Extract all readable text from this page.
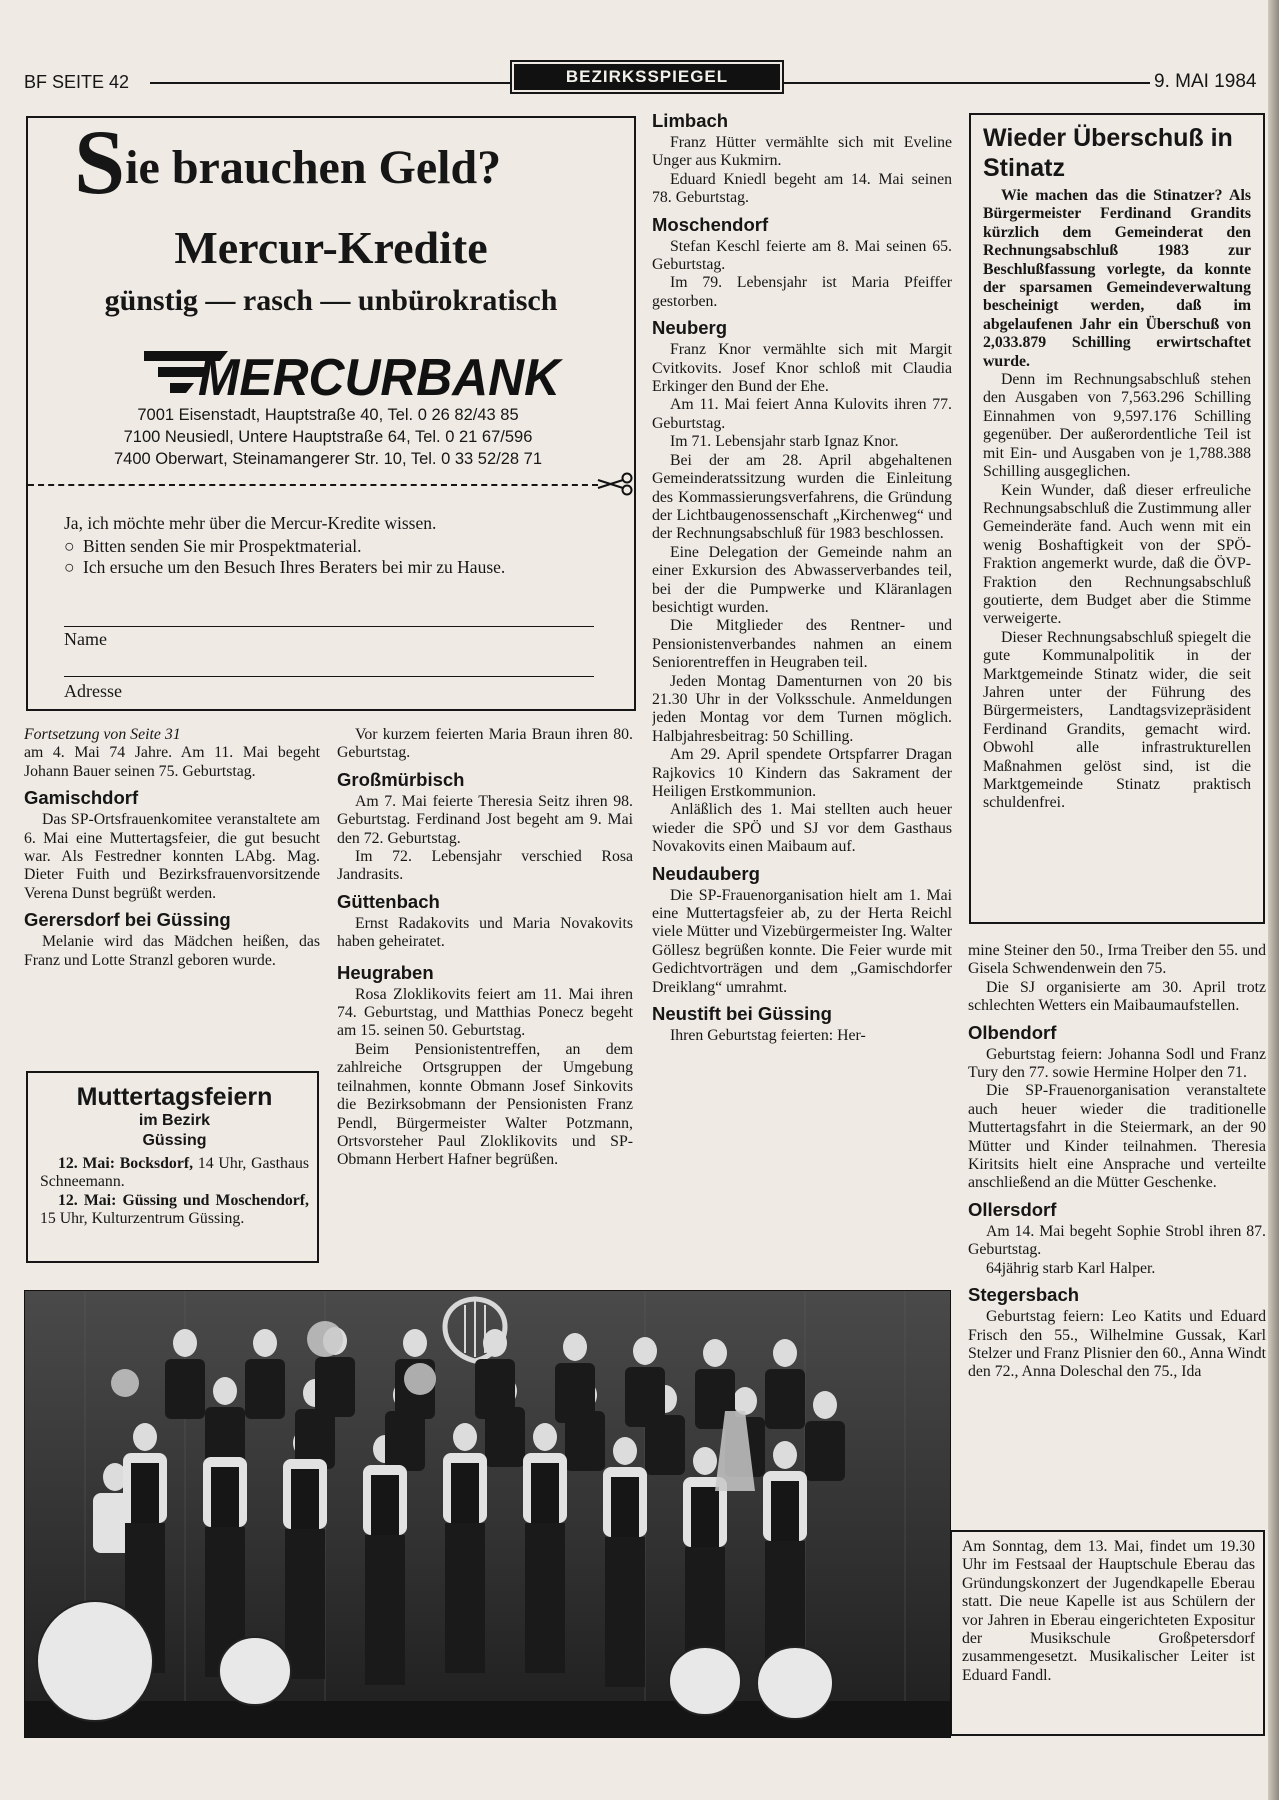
BF SEITE 42	BEZIRKSSPIEGEL	9. MAI 1984
Sie brauchen Geld?
Mercur-Kredite
günstig — rasch — unbürokratisch
MERCURBANK
7001 Eisenstadt, Hauptstraße 40, Tel. 0 26 82/43 85
7100 Neusiedl, Untere Hauptstraße 64, Tel. 0 21 67/596
7400 Oberwart, Steinamangerer Str. 10, Tel. 0 33 52/28 71
Ja, ich möchte mehr über die Mercur-Kredite wissen.
○ Bitten senden Sie mir Prospektmaterial.
○ Ich ersuche um den Besuch Ihres Beraters bei mir zu Hause.
Name
Adresse
Fortsetzung von Seite 31

am 4. Mai 74 Jahre. Am 11. Mai begeht Johann Bauer seinen 75. Geburtstag.

Gamischdorf

Das SP-Ortsfrauenkomitee veranstaltete am 6. Mai eine Muttertagsfeier, die gut besucht war. Als Festredner konnten LAbg. Mag. Dieter Fuith und Bezirksfrauenvorsitzende Verena Dunst begrüßt werden.

Gerersdorf bei Güssing

Melanie wird das Mädchen heißen, das Franz und Lotte Stranzl geboren wurde.

Muttertagsfeiern
im Bezirk
Güssing

12. Mai: Bocksdorf, 14 Uhr, Gasthaus Schneemann.

12. Mai: Güssing und Moschendorf, 15 Uhr, Kulturzentrum Güssing.

Vor kurzem feierten Maria Braun ihren 80. Geburtstag.

Großmürbisch

Am 7. Mai feierte Theresia Seitz ihren 98. Geburtstag. Ferdinand Jost begeht am 9. Mai den 72. Geburtstag.

Im 72. Lebensjahr verschied Rosa Jandrasits.

Güttenbach

Ernst Radakovits und Maria Novakovits haben geheiratet.

Heugraben

Rosa Zloklikovits feiert am 11. Mai ihren 74. Geburtstag, und Matthias Ponecz begeht am 15. seinen 50. Geburtstag.

Beim Pensionistentreffen, an dem zahlreiche Ortsgruppen der Umgebung teilnahmen, konnte Obmann Josef Sinkovits die Bezirksobmann der Pensionisten Franz Pendl, Bürgermeister Walter Potzmann, Ortsvorsteher Paul Zloklikovits und SP-Obmann Herbert Hafner begrüßen.

Limbach

Franz Hütter vermählte sich mit Eveline Unger aus Kukmirn.

Eduard Kniedl begeht am 14. Mai seinen 78. Geburtstag.

Moschendorf

Stefan Keschl feierte am 8. Mai seinen 65. Geburtstag.

Im 79. Lebensjahr ist Maria Pfeiffer gestorben.

Neuberg

Franz Knor vermählte sich mit Margit Cvitkovits. Josef Knor schloß mit Claudia Erkinger den Bund der Ehe.

Am 11. Mai feiert Anna Kulovits ihren 77. Geburtstag.

Im 71. Lebensjahr starb Ignaz Knor.

Bei der am 28. April abgehaltenen Gemeinderatssitzung wurden die Einleitung des Kommassierungsverfahrens, die Gründung der Lichtbaugenossenschaft „Kirchenweg“ und der Rechnungsabschluß für 1983 beschlossen.

Eine Delegation der Gemeinde nahm an einer Exkursion des Abwasserverbandes teil, bei der die Pumpwerke und Kläranlagen besichtigt wurden.

Die Mitglieder des Rentner- und Pensionistenverbandes nahmen an einem Seniorentreffen in Heugraben teil.

Jeden Montag Damenturnen von 20 bis 21.30 Uhr in der Volksschule. Anmeldungen jeden Montag vor dem Turnen möglich. Halbjahresbeitrag: 50 Schilling.

Am 29. April spendete Ortspfarrer Dragan Rajkovics 10 Kindern das Sakrament der Heiligen Erstkommunion.

Anläßlich des 1. Mai stellten auch heuer wieder die SPÖ und SJ vor dem Gasthaus Novakovits einen Maibaum auf.

Neudauberg

Die SP-Frauenorganisation hielt am 1. Mai eine Muttertagsfeier ab, zu der Herta Reichl viele Mütter und Vizebürgermeister Ing. Walter Göllesz begrüßen konnte. Die Feier wurde mit Gedichtvorträgen und dem „Gamischdorfer Dreiklang“ umrahmt.

Neustift bei Güssing

Ihren Geburtstag feierten: Her-

Wieder Überschuß in Stinatz

Wie machen das die Stinatzer? Als Bürgermeister Ferdinand Grandits kürzlich dem Gemeinderat den Rechnungsabschluß 1983 zur Beschlußfassung vorlegte, da konnte der sparsamen Gemeindeverwaltung bescheinigt werden, daß im abgelaufenen Jahr ein Überschuß von 2,033.879 Schilling erwirtschaftet wurde.

Denn im Rechnungsabschluß stehen den Ausgaben von 7,563.296 Schilling Einnahmen von 9,597.176 Schilling gegenüber. Der außerordentliche Teil ist mit Ein- und Ausgaben von je 1,788.388 Schilling ausgeglichen.

Kein Wunder, daß dieser erfreuliche Rechnungsabschluß die Zustimmung aller Gemeinderäte fand. Auch wenn mit ein wenig Boshaftigkeit von der SPÖ-Fraktion angemerkt wurde, daß die ÖVP-Fraktion den Rechnungsabschluß goutierte, dem Budget aber die Stimme verweigerte.

Dieser Rechnungsabschluß spiegelt die gute Kommunalpolitik in der Marktgemeinde Stinatz wider, die seit Jahren unter der Führung des Bürgermeisters, Landtagsvizepräsident Ferdinand Grandits, gemacht wird. Obwohl alle infrastrukturellen Maßnahmen gelöst sind, ist die Marktgemeinde Stinatz praktisch schuldenfrei.

mine Steiner den 50., Irma Treiber den 55. und Gisela Schwendenwein den 75.

Die SJ organisierte am 30. April trotz schlechten Wetters ein Maibaumaufstellen.

Olbendorf

Geburtstag feiern: Johanna Sodl und Franz Tury den 77. sowie Hermine Holper den 71.

Die SP-Frauenorganisation veranstaltete auch heuer wieder die traditionelle Muttertagsfahrt in die Steiermark, an der 90 Mütter und Kinder teilnahmen. Theresia Kiritsits hielt eine Ansprache und verteilte anschließend an die Mütter Geschenke.

Ollersdorf

Am 14. Mai begeht Sophie Strobl ihren 87. Geburtstag.

64jährig starb Karl Halper.

Stegersbach

Geburtstag feiern: Leo Katits und Eduard Frisch den 55., Wilhelmine Gussak, Karl Stelzer und Franz Plisnier den 60., Anna Windt den 72., Anna Doleschal den 75., Ida

Am Sonntag, dem 13. Mai, findet um 19.30 Uhr im Festsaal der Hauptschule Eberau das Gründungskonzert der Jugendkapelle Eberau statt. Die neue Kapelle ist aus Schülern der vor Jahren in Eberau eingerichteten Expositur der Musikschule Großpetersdorf zusammengesetzt. Musikalischer Leiter ist Eduard Fandl.
